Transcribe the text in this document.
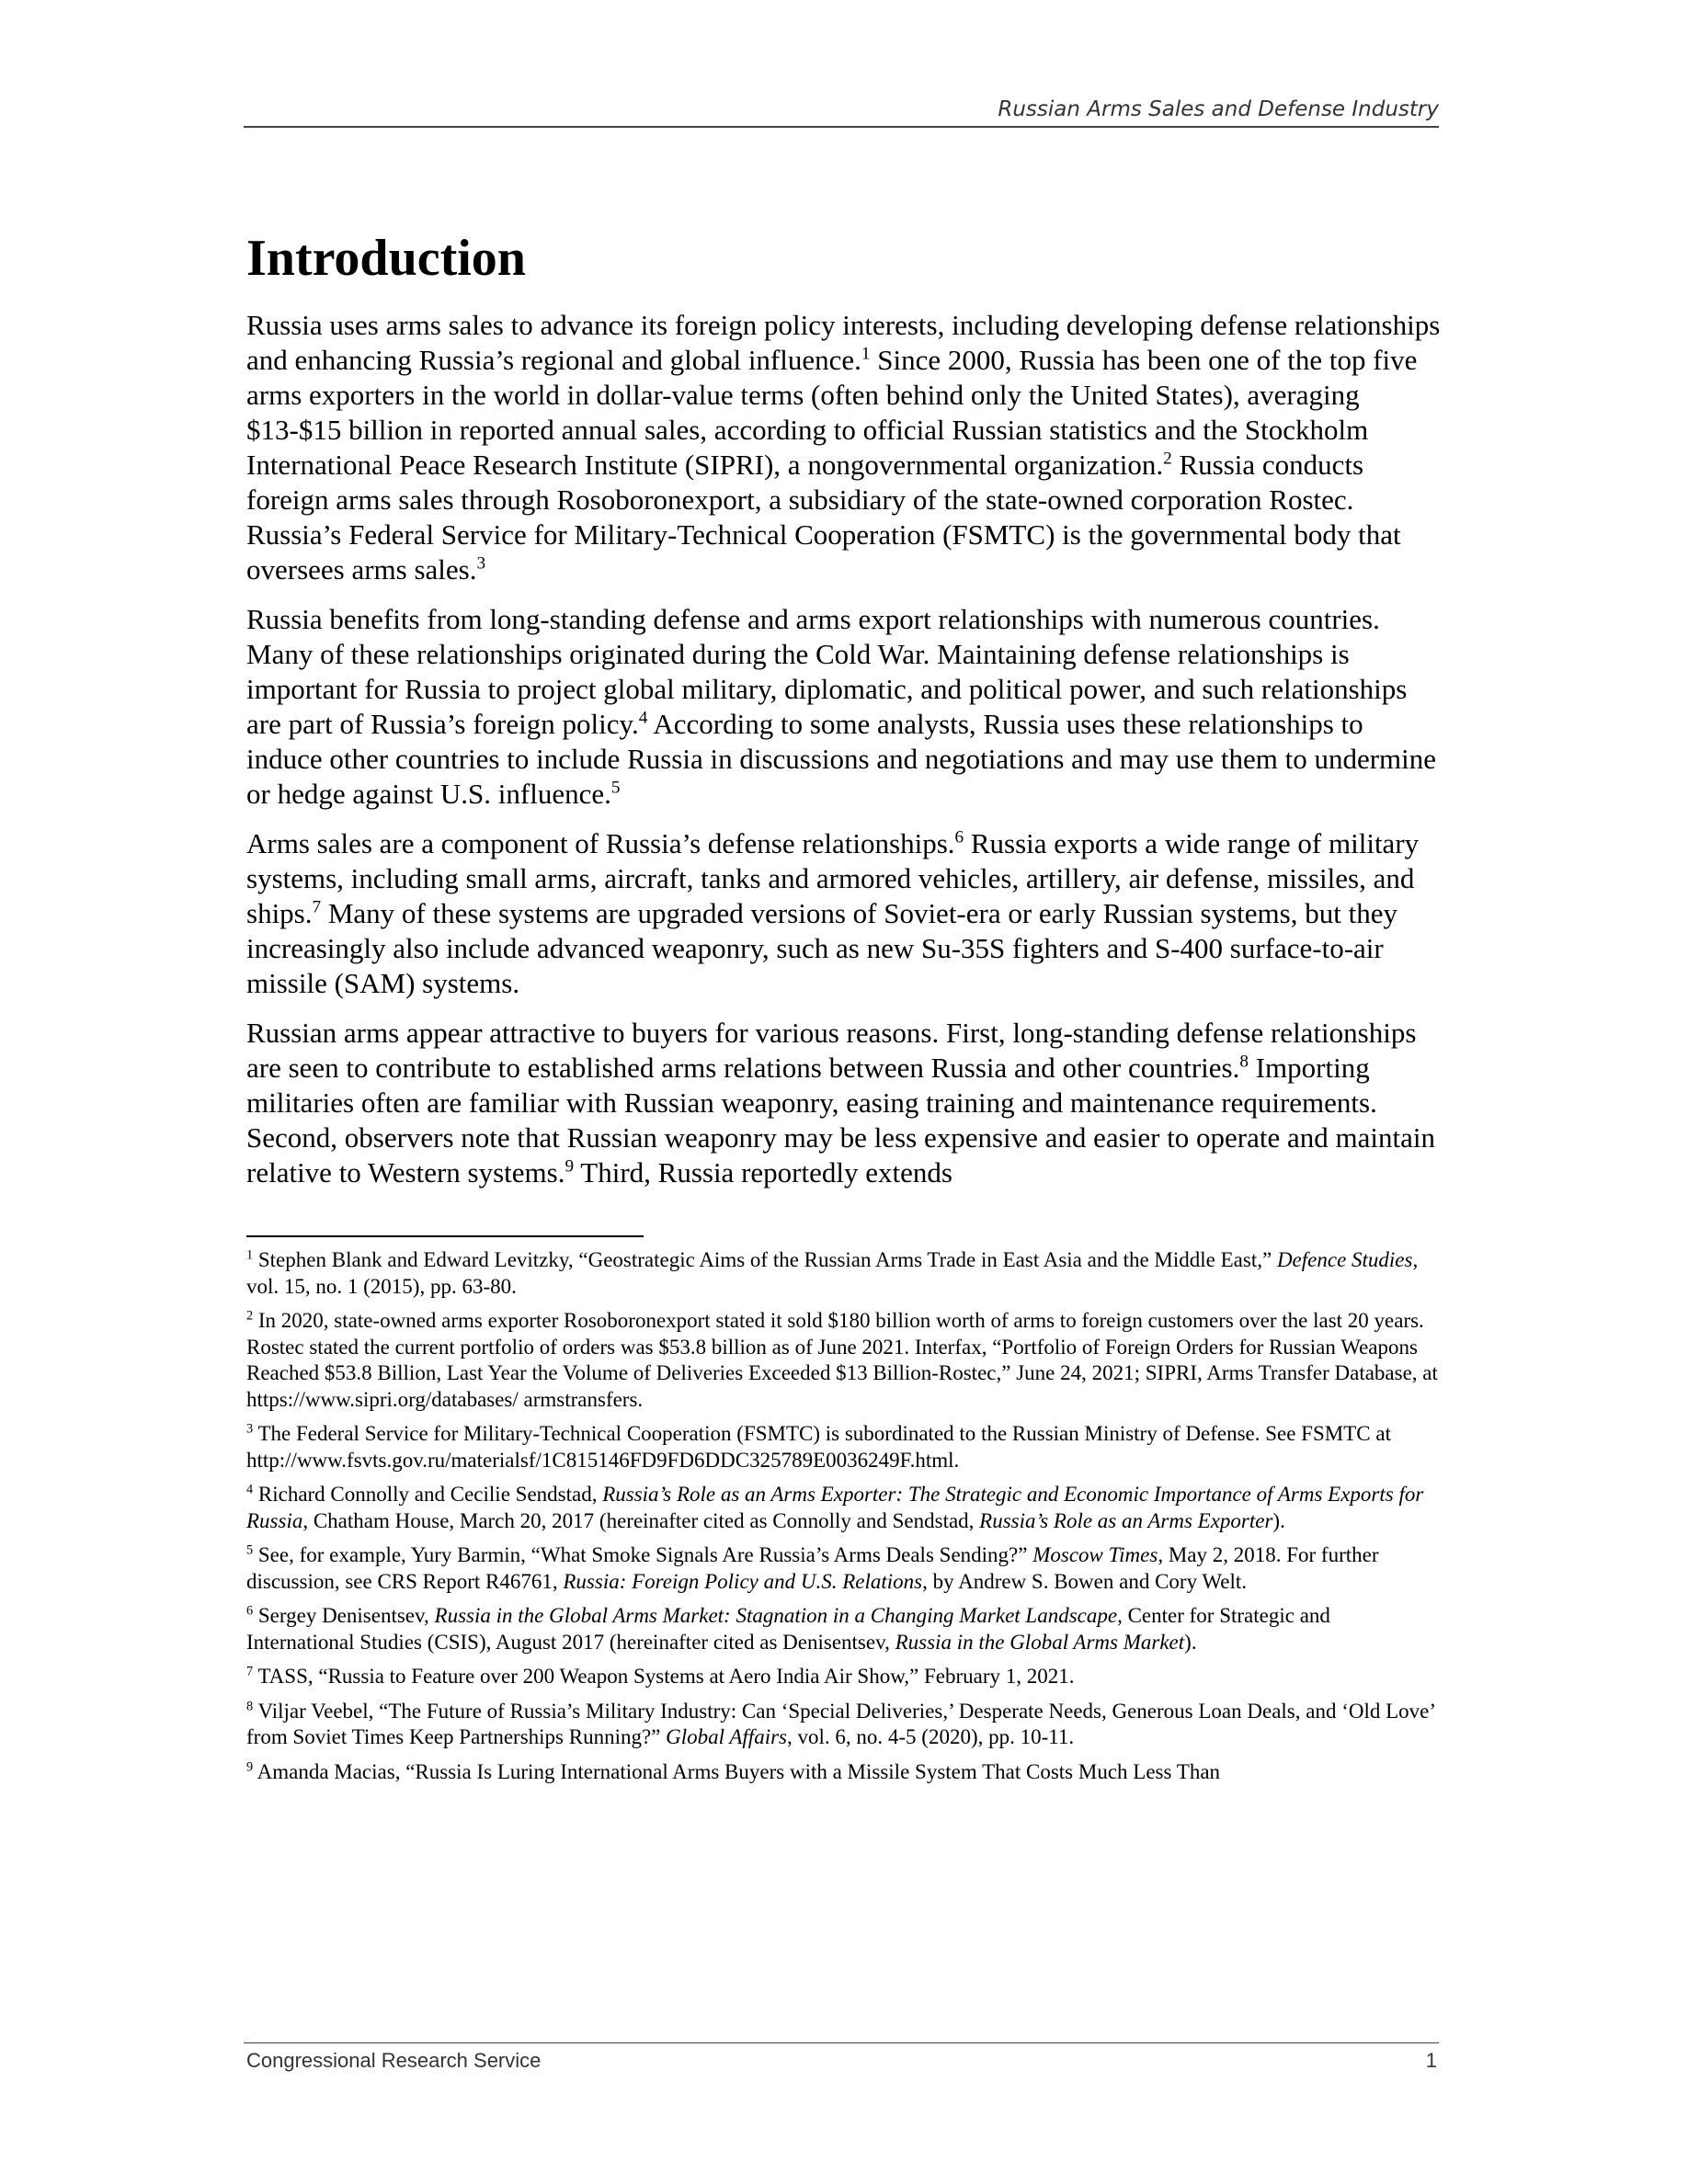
Russian Arms Sales and Defense Industry
Introduction

Russia uses arms sales to advance its foreign policy interests, including developing defense relationships and enhancing Russia’s regional and global influence.$^1$ Since 2000, Russia has been one of the top five arms exporters in the world in dollar-value terms (often behind only the United States), averaging $13-$15 billion in reported annual sales, according to official Russian statistics and the Stockholm International Peace Research Institute (SIPRI), a nongovernmental organization.$^2$ Russia conducts foreign arms sales through Rosoboronexport, a subsidiary of the state-owned corporation Rostec. Russia’s Federal Service for Military-Technical Cooperation (FSMTC) is the governmental body that oversees arms sales.$^3$

Russia benefits from long-standing defense and arms export relationships with numerous countries. Many of these relationships originated during the Cold War. Maintaining defense relationships is important for Russia to project global military, diplomatic, and political power, and such relationships are part of Russia’s foreign policy.$^4$ According to some analysts, Russia uses these relationships to induce other countries to include Russia in discussions and negotiations and may use them to undermine or hedge against U.S. influence.$^5$

Arms sales are a component of Russia’s defense relationships.$^6$ Russia exports a wide range of military systems, including small arms, aircraft, tanks and armored vehicles, artillery, air defense, missiles, and ships.$^7$ Many of these systems are upgraded versions of Soviet-era or early Russian systems, but they increasingly also include advanced weaponry, such as new Su-35S fighters and S-400 surface-to-air missile (SAM) systems.

Russian arms appear attractive to buyers for various reasons. First, long-standing defense relationships are seen to contribute to established arms relations between Russia and other countries.$^8$ Importing militaries often are familiar with Russian weaponry, easing training and maintenance requirements. Second, observers note that Russian weaponry may be less expensive and easier to operate and maintain relative to Western systems.$^9$ Third, Russia reportedly extends

$^1$ Stephen Blank and Edward Levitzky, “Geostrategic Aims of the Russian Arms Trade in East Asia and the Middle East,” Defence Studies, vol. 15, no. 1 (2015), pp. 63-80.
$^2$ In 2020, state-owned arms exporter Rosoboronexport stated it sold $180 billion worth of arms to foreign customers over the last 20 years. Rostec stated the current portfolio of orders was $53.8 billion as of June 2021. Interfax, “Portfolio of Foreign Orders for Russian Weapons Reached $53.8 Billion, Last Year the Volume of Deliveries Exceeded $13 Billion-Rostec,” June 24, 2021; SIPRI, Arms Transfer Database, at https://www.sipri.org/databases/ armstransfers.
$^3$ The Federal Service for Military-Technical Cooperation (FSMTC) is subordinated to the Russian Ministry of Defense. See FSMTC at http://www.fsvts.gov.ru/materialsf/1C815146FD9FD6DDC325789E0036249F.html.
$^4$ Richard Connolly and Cecilie Sendstad, Russia’s Role as an Arms Exporter: The Strategic and Economic Importance of Arms Exports for Russia, Chatham House, March 20, 2017 (hereinafter cited as Connolly and Sendstad, Russia’s Role as an Arms Exporter).
$^5$ See, for example, Yury Barmin, “What Smoke Signals Are Russia’s Arms Deals Sending?” Moscow Times, May 2, 2018. For further discussion, see CRS Report R46761, Russia: Foreign Policy and U.S. Relations, by Andrew S. Bowen and Cory Welt.
$^6$ Sergey Denisentsev, Russia in the Global Arms Market: Stagnation in a Changing Market Landscape, Center for Strategic and International Studies (CSIS), August 2017 (hereinafter cited as Denisentsev, Russia in the Global Arms Market).
$^7$ TASS, “Russia to Feature over 200 Weapon Systems at Aero India Air Show,” February 1, 2021.
$^8$ Viljar Veebel, “The Future of Russia’s Military Industry: Can ‘Special Deliveries,’ Desperate Needs, Generous Loan Deals, and ‘Old Love’ from Soviet Times Keep Partnerships Running?” Global Affairs, vol. 6, no. 4-5 (2020), pp. 10-11.
$^9$ Amanda Macias, “Russia Is Luring International Arms Buyers with a Missile System That Costs Much Less Than
Congressional Research Service	1
